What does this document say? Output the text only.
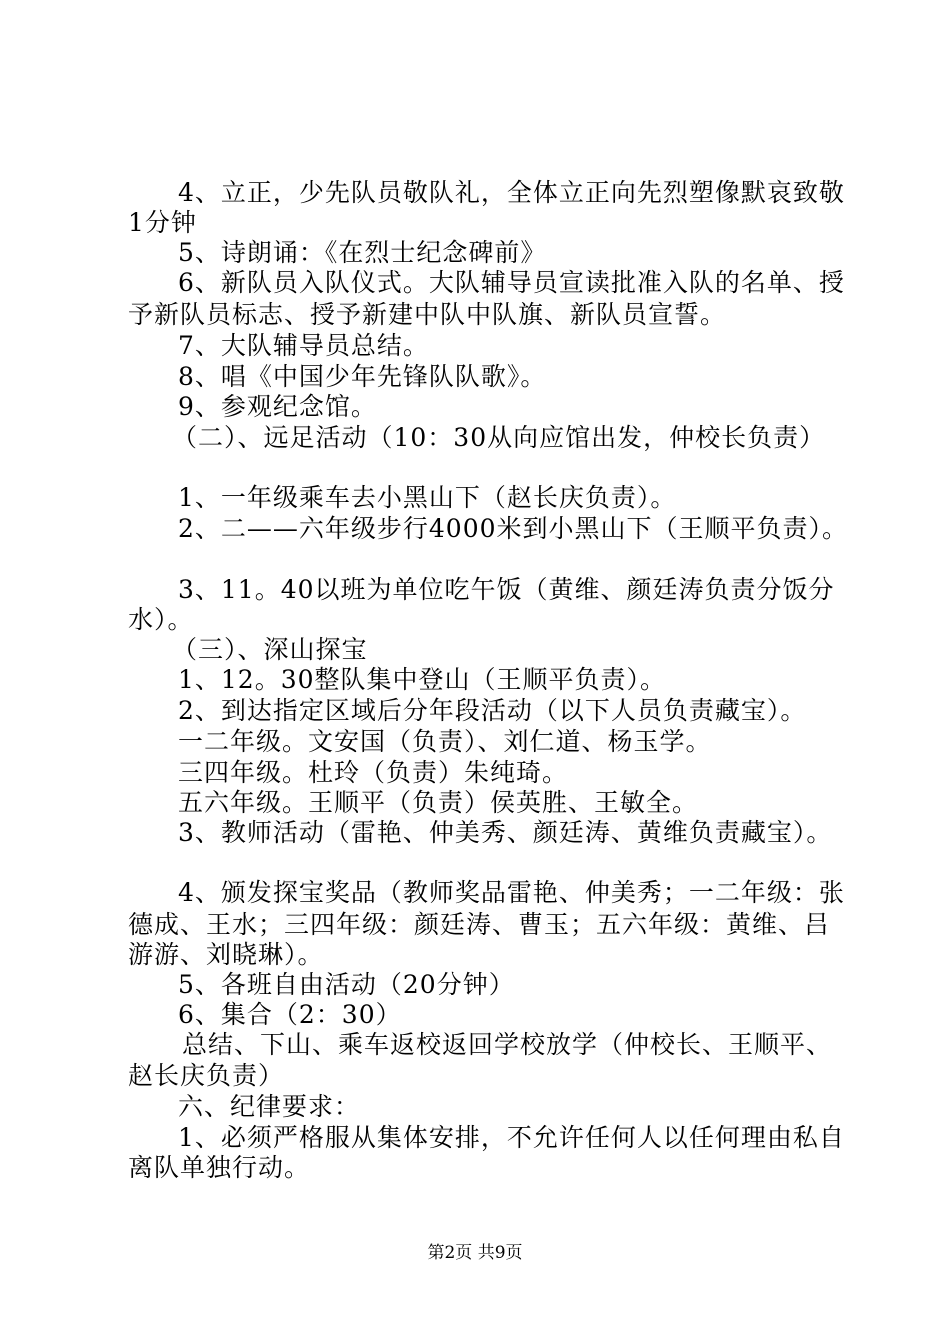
4、立正，少先队员敬队礼，全体立正向先烈塑像默哀致敬
1分钟
5、诗朗诵：《在烈士纪念碑前》
6、新队员入队仪式。大队辅导员宣读批准入队的名单、授
予新队员标志、授予新建中队中队旗、新队员宣誓。
7、大队辅导员总结。
8、唱《中国少年先锋队队歌》。
9、参观纪念馆。
（二）、远足活动（10：30从向应馆出发，仲校长负责）
1、一年级乘车去小黑山下（赵长庆负责）。
2、二——六年级步行4000米到小黑山下（王顺平负责）。
3、11。40以班为单位吃午饭（黄维、颜廷涛负责分饭分
水）。
（三）、深山探宝
1、12。30整队集中登山（王顺平负责）。
2、到达指定区域后分年段活动（以下人员负责藏宝）。
一二年级。文安国（负责）、刘仁道、杨玉学。
三四年级。杜玲（负责）朱纯琦。
五六年级。王顺平（负责）侯英胜、王敏全。
3、教师活动（雷艳、仲美秀、颜廷涛、黄维负责藏宝）。
4、颁发探宝奖品（教师奖品雷艳、仲美秀；一二年级：张
德成、王水；三四年级：颜廷涛、曹玉；五六年级：黄维、吕
游游、刘晓琳）。
5、各班自由活动（20分钟）
6、集合（2：30）
总结、下山、乘车返校返回学校放学（仲校长、王顺平、
赵长庆负责）
六、纪律要求：
1、必须严格服从集体安排，不允许任何人以任何理由私自
离队单独行动。
第2页 共9页
